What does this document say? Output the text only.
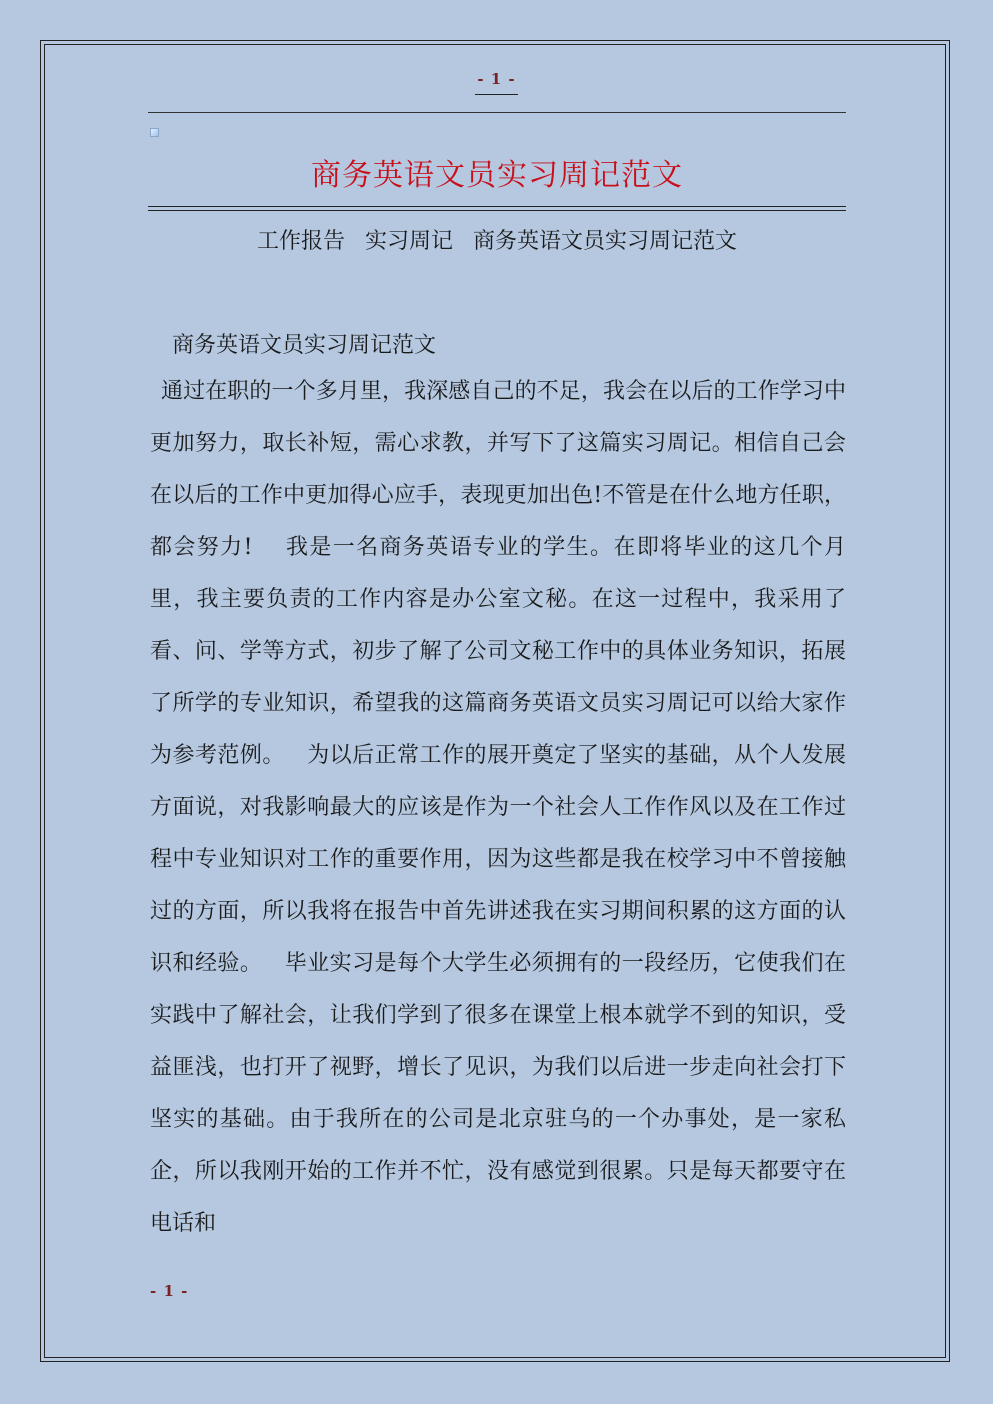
- 1 -
商务英语文员实习周记范文
工作报告 实习周记 商务英语文员实习周记范文
商务英语文员实习周记范文
通过在职的一个多月里，我深感自己的不足，我会在以后的工作学习中更加努力，取长补短，需心求教，并写下了这篇实习周记。相信自己会在以后的工作中更加得心应手，表现更加出色!不管是在什么地方任职，都会努力!    我是一名商务英语专业的学生。在即将毕业的这几个月里，我主要负责的工作内容是办公室文秘。在这一过程中，我采用了看、问、学等方式，初步了解了公司文秘工作中的具体业务知识，拓展了所学的专业知识，希望我的这篇商务英语文员实习周记可以给大家作为参考范例。   为以后正常工作的展开奠定了坚实的基础，从个人发展方面说，对我影响最大的应该是作为一个社会人工作作风以及在工作过程中专业知识对工作的重要作用，因为这些都是我在校学习中不曾接触过的方面，所以我将在报告中首先讲述我在实习期间积累的这方面的认识和经验。   毕业实习是每个大学生必须拥有的一段经历，它使我们在实践中了解社会，让我们学到了很多在课堂上根本就学不到的知识，受益匪浅，也打开了视野，增长了见识，为我们以后进一步走向社会打下坚实的基础。由于我所在的公司是北京驻乌的一个办事处，是一家私企，所以我刚开始的工作并不忙，没有感觉到很累。只是每天都要守在电话和
- 1 -
